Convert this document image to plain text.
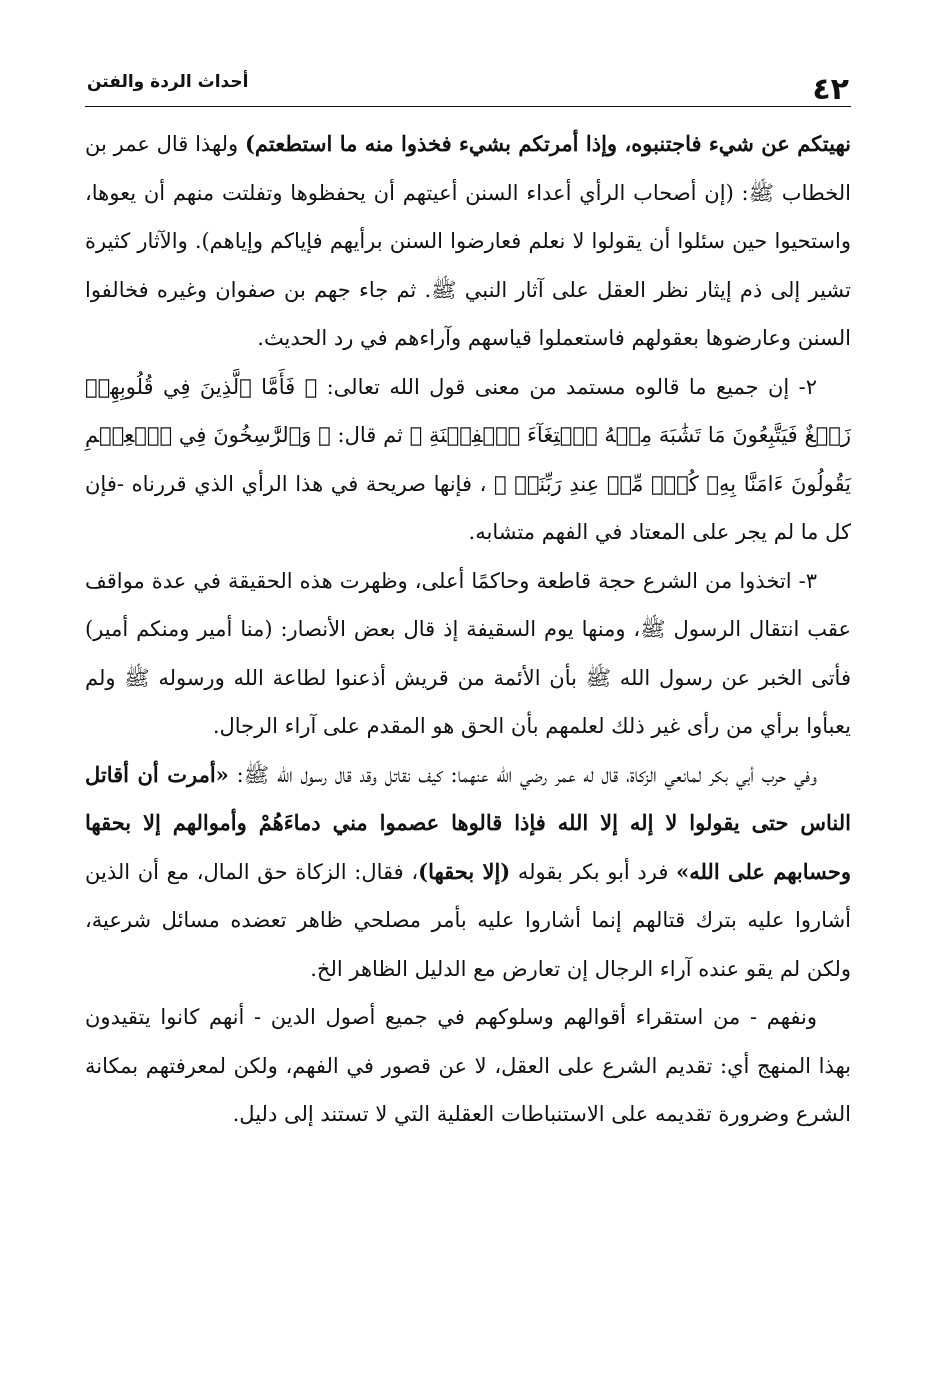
٤٢
أحداث الردة والفتن

نهيتكم عن شيء فاجتنبوه، وإذا أمرتكم بشيء فخذوا منه ما استطعتم) ولهذا قال عمر بن الخطاب ﷺ: (إن أصحاب الرأي أعداء السنن أعيتهم أن يحفظوها وتفلتت منهم أن يعوها، واستحيوا حين سئلوا أن يقولوا لا نعلم فعارضوا السنن برأيهم فإياكم وإياهم). والآثار كثيرة تشير إلى ذم إيثار نظر العقل على آثار النبي ﷺ. ثم جاء جهم بن صفوان وغيره فخالفوا السنن وعارضوها بعقولهم فاستعملوا قياسهم وآراءهم في رد الحديث.

٢- إن جميع ما قالوه مستمد من معنى قول الله تعالى: ﴿ فَأَمَّا ٱلَّذِينَ فِي قُلُوبِهِمۡ زَيۡغٌ فَيَتَّبِعُونَ مَا تَشَٰبَهَ مِنۡهُ ٱبۡتِغَآءَ ٱلۡفِتۡنَةِ ﴾ ثم قال: ﴿ وَٱلرَّٰسِخُونَ فِي ٱلۡعِلۡمِ يَقُولُونَ ءَامَنَّا بِهِۦ كُلّٞ مِّنۡ عِندِ رَبِّنَاۗ ﴾ ، فإنها صريحة في هذا الرأي الذي قررناه -فإن كل ما لم يجر على المعتاد في الفهم متشابه.

٣- اتخذوا من الشرع حجة قاطعة وحاكمًا أعلى، وظهرت هذه الحقيقة في عدة مواقف عقب انتقال الرسول ﷺ، ومنها يوم السقيفة إذ قال بعض الأنصار: (منا أمير ومنكم أمير) فأتى الخبر عن رسول الله ﷺ بأن الأئمة من قريش أذعنوا لطاعة الله ورسوله ﷺ ولم يعبأوا برأي من رأى غير ذلك لعلمهم بأن الحق هو المقدم على آراء الرجال.

وفي حرب أبي بكر لمانعي الزكاة، قال له عمر رضي الله عنهما: كيف نقاتل وقد قال رسول الله ﷺ: «أمرت أن أقاتل الناس حتى يقولوا لا إله إلا الله فإذا قالوها عصموا مني دماءَهُمْ وأموالهم إلا بحقها وحسابهم على الله» فرد أبو بكر بقوله (إلا بحقها)، فقال: الزكاة حق المال، مع أن الذين أشاروا عليه بترك قتالهم إنما أشاروا عليه بأمر مصلحي ظاهر تعضده مسائل شرعية، ولكن لم يقو عنده آراء الرجال إن تعارض مع الدليل الظاهر الخ.

ونفهم - من استقراء أقوالهم وسلوكهم في جميع أصول الدين - أنهم كانوا يتقيدون بهذا المنهج أي: تقديم الشرع على العقل، لا عن قصور في الفهم، ولكن لمعرفتهم بمكانة الشرع وضرورة تقديمه على الاستنباطات العقلية التي لا تستند إلى دليل.
